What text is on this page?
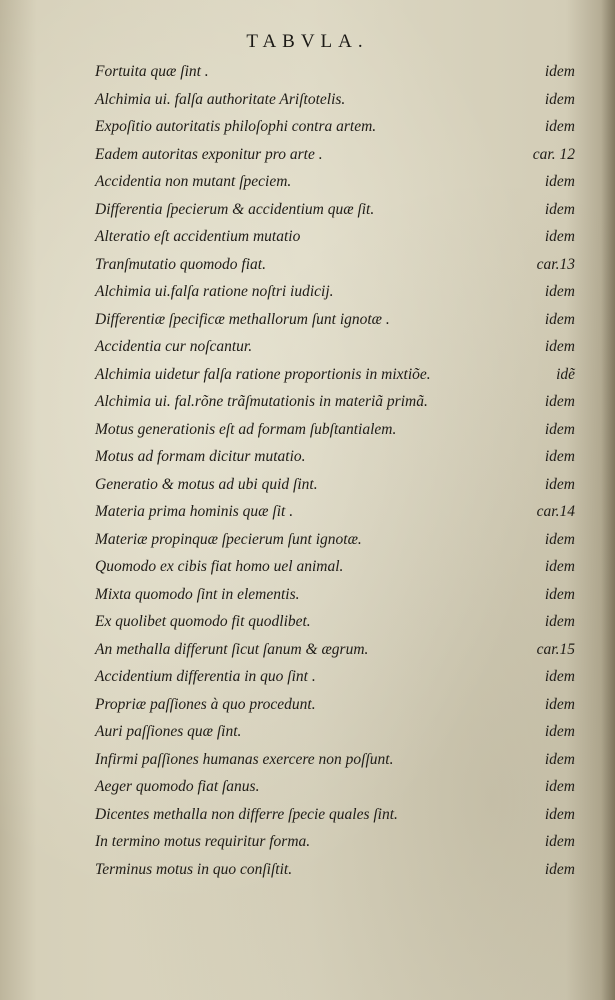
TABVLA.
Fortuita quæ ſint .	idem
Alchimia ui. falſa authoritate Ariſtotelis.	idem
Expoſitio autoritatis philoſophi contra artem.	idem
Eadem autoritas exponitur pro arte .	car. 12
Accidentia non mutant ſpeciem.	idem
Differentia ſpecierum & accidentium quæ ſit.	idem
Alteratio eſt accidentium mutatio	idem
Tranſmutatio quomodo fiat.	car.13
Alchimia ui.falſa ratione noſtri iudicij.	idem
Differentiæ ſpecificæ methallorum ſunt ignotæ .	idem
Accidentia cur noſcantur.	idem
Alchimia uidetur falſa ratione proportionis in mixtiõe.	idẽ
Alchimia ui. fal.rõne trãſmutationis in materiã primã.	idem
Motus generationis eſt ad formam ſubſtantialem.	idem
Motus ad formam dicitur mutatio.	idem
Generatio & motus ad ubi quid ſint.	idem
Materia prima hominis quæ ſit .	car.14
Materiæ propinquæ ſpecierum ſunt ignotæ.	idem
Quomodo ex cibis fiat homo uel animal.	idem
Mixta quomodo ſint in elementis.	idem
Ex quolibet quomodo fit quodlibet.	idem
An methalla differunt ſicut ſanum & ægrum.	car.15
Accidentium differentia in quo ſint .	idem
Propriæ paſſiones à quo procedunt.	idem
Auri paſſiones quæ ſint.	idem
Infirmi paſſiones humanas exercere non poſſunt.	idem
Aeger quomodo fiat ſanus.	idem
Dicentes methalla non differre ſpecie quales ſint.	idem
In termino motus requiritur forma.	idem
Terminus motus in quo conſiſtit.	idem
